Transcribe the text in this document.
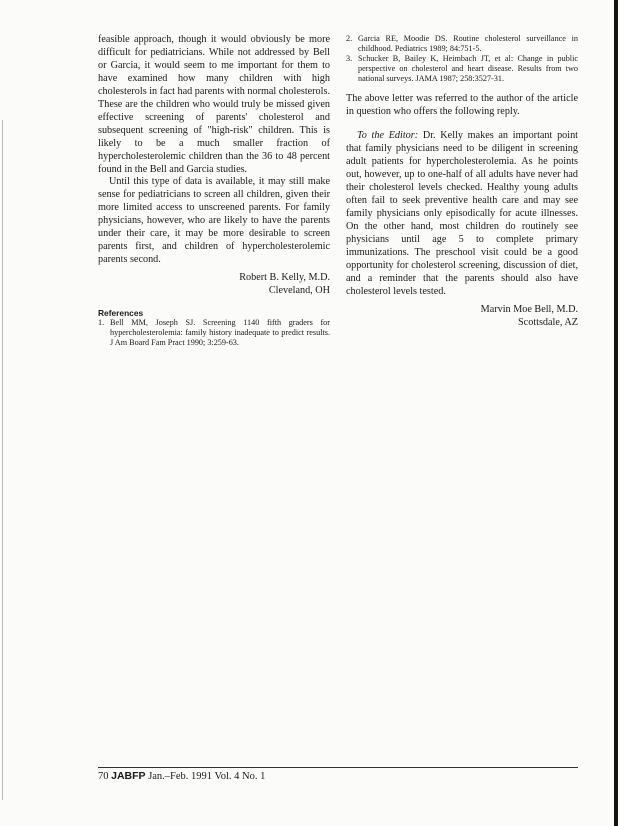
feasible approach, though it would obviously be more difficult for pediatricians. While not addressed by Bell or Garcia, it would seem to me important for them to have examined how many children with high cholesterols in fact had parents with normal cholesterols. These are the children who would truly be missed given effective screening of parents' cholesterol and subsequent screening of "high-risk" children. This is likely to be a much smaller fraction of hypercholesterolemic children than the 36 to 48 percent found in the Bell and Garcia studies.

Until this type of data is available, it may still make sense for pediatricians to screen all children, given their more limited access to unscreened parents. For family physicians, however, who are likely to have the parents under their care, it may be more desirable to screen parents first, and children of hypercholesterolemic parents second.

Robert B. Kelly, M.D.
Cleveland, OH

References

1. Bell MM, Joseph SJ. Screening 1140 fifth graders for hypercholesterolemia: family history inadequate to predict results. J Am Board Fam Pract 1990; 3:259-63.
2. Garcia RE, Moodie DS. Routine cholesterol surveillance in childhood. Pediatrics 1989; 84:751-5.
3. Schucker B, Bailey K, Heimbach JT, et al: Change in public perspective on cholesterol and heart disease. Results from two national surveys. JAMA 1987; 258:3527-31.

The above letter was referred to the author of the article in question who offers the following reply.

To the Editor: Dr. Kelly makes an important point that family physicians need to be diligent in screening adult patients for hypercholesterolemia. As he points out, however, up to one-half of all adults have never had their cholesterol levels checked. Healthy young adults often fail to seek preventive health care and may see family physicians only episodically for acute illnesses. On the other hand, most children do routinely see physicians until age 5 to complete primary immunizations. The preschool visit could be a good opportunity for cholesterol screening, discussion of diet, and a reminder that the parents should also have cholesterol levels tested.

Marvin Moe Bell, M.D.
Scottsdale, AZ
70 JABFP Jan.–Feb. 1991 Vol. 4 No. 1
